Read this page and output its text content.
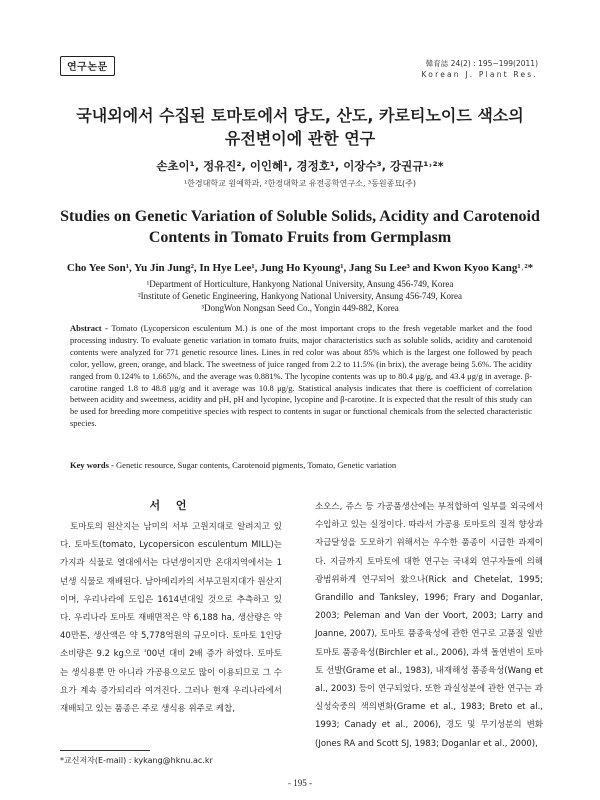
연구논문	韓育誌 24(2) : 195~199(2011)
Korean J. Plant Res.
국내외에서 수집된 토마토에서 당도, 산도, 카로티노이드 색소의
유전변이에 관한 연구
손초이¹, 정유진², 이인혜¹, 경정호¹, 이장수³, 강권규¹˒²*
¹한경대학교 원예학과, ²한경대학교 유전공학연구소, ³동원종묘(주)
Studies on Genetic Variation of Soluble Solids, Acidity and Carotenoid
Contents in Tomato Fruits from Germplasm
Cho Yee Son¹, Yu Jin Jung², In Hye Lee¹, Jung Ho Kyoung¹, Jang Su Lee³ and Kwon Kyoo Kang¹˒²*
¹Department of Horticulture, Hankyong National University, Ansung 456-749, Korea
²Institute of Genetic Engineering, Hankyong National University, Ansung 456-749, Korea
³DongWon Nongsan Seed Co., Yongin 449-882, Korea
Abstract - Tomato (Lycopersicon esculentum M.) is one of the most important crops to the fresh vegetable market and the food processing industry. To evaluate genetic variation in tomato fruits, major characteristics such as soluble solids, acidity and carotenoid contents were analyzed for 771 genetic resource lines. Lines in red color was about 85% which is the largest one followed by peach color, yellow, green, orange, and black. The sweetness of juice ranged from 2.2 to 11.5% (in brix), the average being 5.6%. The acidity ranged from 0.124% to 1.665%, and the average was 0.881%. The lycopine contents was up to 80.4 μg/g, and 43.4 μg/g in average. β-carotine ranged 1.8 to 48.8 μg/g and it average was 10.8 μg/g. Statistical analysis indicates that there is coefficient of correlation between acidity and sweetness, acidity and pH, pH and lycopine, lycopine and β-carotine. It is expected that the result of this study can be used for breeding more competitive species with respect to contents in sugar or functional chemicals from the selected characteristic species.
Key words - Genetic resource, Sugar contents, Carotenoid pigments, Tomato, Genetic variation
서 언

토마토의 원산지는 남미의 서부 고원지대로 알려지고 있다. 토마토(tomato, Lycopersicon esculentum MILL)는 가지과 식물로 열대에서는 다년생이지만 온대지역에서는 1년생 식물로 재배된다. 남아메리카의 서부고원지대가 원산지이며, 우리나라에 도입은 1614년대일 것으로 추측하고 있다. 우리나라 토마토 재배면적은 약 6,188 ha, 생산량은 약 40만톤, 생산액은 약 5,778억원의 규모이다. 토마토 1인당 소비량은 9.2 kg으로 '00년 대비 2배 증가 하였다. 토마토는 생식용뿐 만 아니라 가공용으로도 많이 이용되므로 그 수요가 계속 증가되리라 여겨진다. 그러나 현재 우리나라에서 재배되고 있는 품종은 주로 생식용 위주로 케찹,

소오스, 쥬스 등 가공품생산에는 부적합하여 일부를 외국에서 수입하고 있는 실정이다. 따라서 가공용 토마토의 질적 향상과 자급달성을 도모하기 위해서는 우수한 품종이 시급한 과제이다. 지금까지 토마토에 대한 연구는 국내외 연구자들에 의해 광범위하게 연구되어 왔으나(Rick and Chetelat, 1995; Grandillo and Tanksley, 1996; Frary and Doganlar, 2003; Peleman and Van der Voort, 2003; Larry and Joanne, 2007), 토마토 품종육성에 관한 연구로 고품질 일반토마토 품종육성(Birchler et al., 2006), 과색 돌연변이 토마토 선발(Grame et al., 1983), 내재해성 품종육성(Wang et al., 2003) 등이 연구되었다. 또한 과실성분에 관한 연구는 과실성숙중의 색의변화(Grame et al., 1983; Breto et al., 1993; Canady et al., 2006), 경도 및 무기성분의 변화 (Jones RA and Scott SJ, 1983; Doganlar et al., 2000),

*교신저자(E-mail) : kykang@hknu.ac.kr
- 195 -
